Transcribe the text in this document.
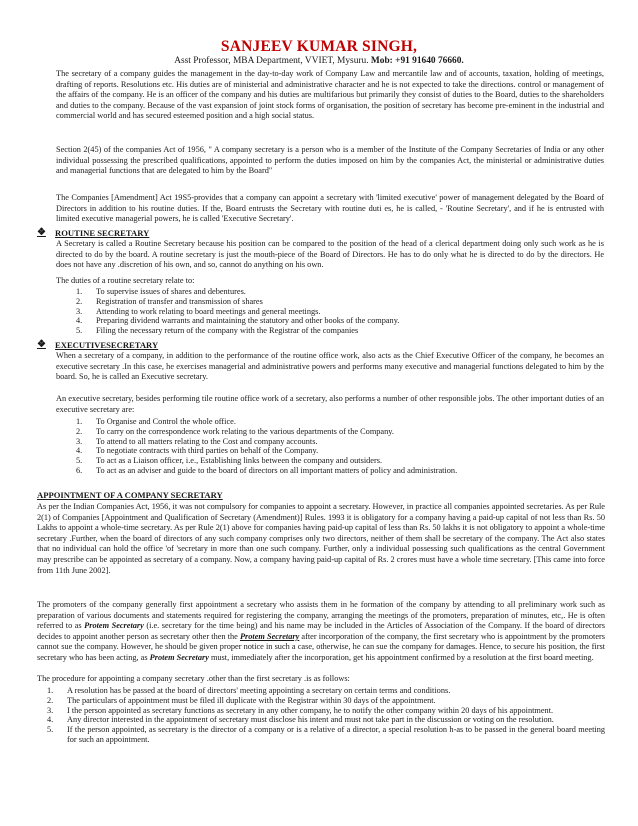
SANJEEV KUMAR SINGH,
Asst Professor, MBA Department, VVIET, Mysuru. Mob: +91 91640 76660.

The secretary of a company guides the management in the day-to-day work of Company Law and mercantile law and of accounts, taxation, holding of meetings, drafting of reports. Resolutions etc. His duties are of ministerial and administrative character and he is not expected to take the directions. control or management of the affairs of the company. He is an officer of the company and his duties are multifarious but primarily they consist of duties to the Board, duties to the shareholders and duties to the company. Because of the vast expansion of joint stock forms of organisation, the position of secretary has become pre-eminent in the industrial and commercial world and has secured esteemed position and a high social status.

Section 2(45) of the companies Act of 1956, " A company secretary is a person who is a member of the Institute of the Company Secretaries of India or any other individual possessing the prescribed qualifications, appointed to perform the duties imposed on him by the companies Act, the ministerial or administrative duties and managerial functions that are delegated to him by the Board"

The Companies [Amendment] Act 19S5-provides that a company can appoint a secretary with 'limited executive' power of management delegated by the Board of Directors in addition to his routine duties. If the, Board entrusts the Secretary with routine duti es, he is called, - 'Routine Secretary', and if he is entrusted with limited executive managerial powers, he is called 'Executive Secretary'.

❖	ROUTINE SECRETARY

A Secretary is called a Routine Secretary because his position can be compared to the position of the head of a clerical department doing only such work as he is directed to do by the board. A routine secretary is just the mouth-piece of the Board of Directors. He has to do only what he is directed to do by the directors. He does not have any .discretion of his own, and so, cannot do anything on his own.

The duties of a routine secretary relate to:

1.	To supervise issues of shares and debentures.
2.	Registration of transfer and transmission of shares
3.	Attending to work relating to board meetings and general meetings.
4.	Preparing dividend warrants and maintaining the statutory and other books of the company.
5.	Filing the necessary return of the company with the Registrar of the companies
❖	EXECUTIVESECRETARY

When a secretary of a company, in addition to the performance of the routine office work, also acts as the Chief Executive Officer of the company, he becomes an executive secretary .In this case, he exercises managerial and administrative powers and performs many executive and managerial functions delegated to him by the board. So, he is called an Executive secretary.

An executive secretary, besides performing tile routine office work of a secretary, also performs a number of other responsible jobs. The other important duties of an executive secretary are:

1.	To Organise and Control the whole office.
2.	To carry on the correspondence work relating to the various departments of the Company.
3.	To attend to all matters relating to the Cost and company accounts.
4.	To negotiate contracts with third parties on behalf of the Company.
5.	To act as a Liaison officer, i.e., Establishing links between the company and outsiders.
6.	To act as an adviser and guide to the board of directors on all important matters of policy and administration.
APPOINTMENT OF A COMPANY SECRETARY

As per the Indian Companies Act, 1956, it was not compulsory for companies to appoint a secretary. However, in practice all companies appointed secretaries. As per Rule 2(1) of Companies [Appointment and Qualification of Secretary (Amendment)] Rules. 1993 it is obligatory for a company having a paid-up capital of not less than Rs. 50 Lakhs to appoint a whole-time secretary. As per Rule 2(1) above for companies having paid-up capital of less than Rs. 50 lakhs it is not obligatory to appoint a whole-time secretary .Further, when the board of directors of any such company comprises only two directors, neither of them shall be secretary of the company. The Act also states that no individual can hold the office 'of 'secretary in more than one such company. Further, only a individual possessing such qualifications as the central Government may prescribe can be appointed as secretary of a company. Now, a company having paid-up capital of Rs. 2 crores must have a whole time secretary. [This came into force from 11th June 2002].

The promoters of the company generally first appointment a secretary who assists them in he formation of the company by attending to all preliminary work such as preparation of various documents and statements required for registering the company, arranging the meetings of the promoters, preparation of minutes, etc,. He is often referred to as Protem Secretary (i.e. secretary for the time being) and his name may be included in the Articles of Association of the Company. If the board of directors decides to appoint another person as secretary other then the Protem Secretary after incorporation of the company, the first secretary who is appointment by the promoters cannot sue the company. However, he should be given proper notice in such a case, otherwise, he can sue the company for damages. Hence, to secure his position, the first secretary who has been acting, as Protem Secretary must, immediately after the incorporation, get his appointment confirmed by a resolution at the first board meeting.

The procedure for appointing a company secretary .other than the first secretary .is as follows:

1.	A resolution has be passed at the board of directors' meeting appointing a secretary on certain terms and conditions.
2.	The particulars of appointment must be filed ill duplicate with the Registrar within 30 days of the appointment.
3.	I the person appointed as secretary functions as secretary in any other company, he to notify the other company within 20 days of his appointment.
4.	Any director interested in the appointment of secretary must disclose his intent and must not take part in the discussion or voting on the resolution.
5.	If the person appointed, as secretary is the director of a company or is a relative of a director, a special resolution h-as to be passed in the general board meeting for such an appointment.
